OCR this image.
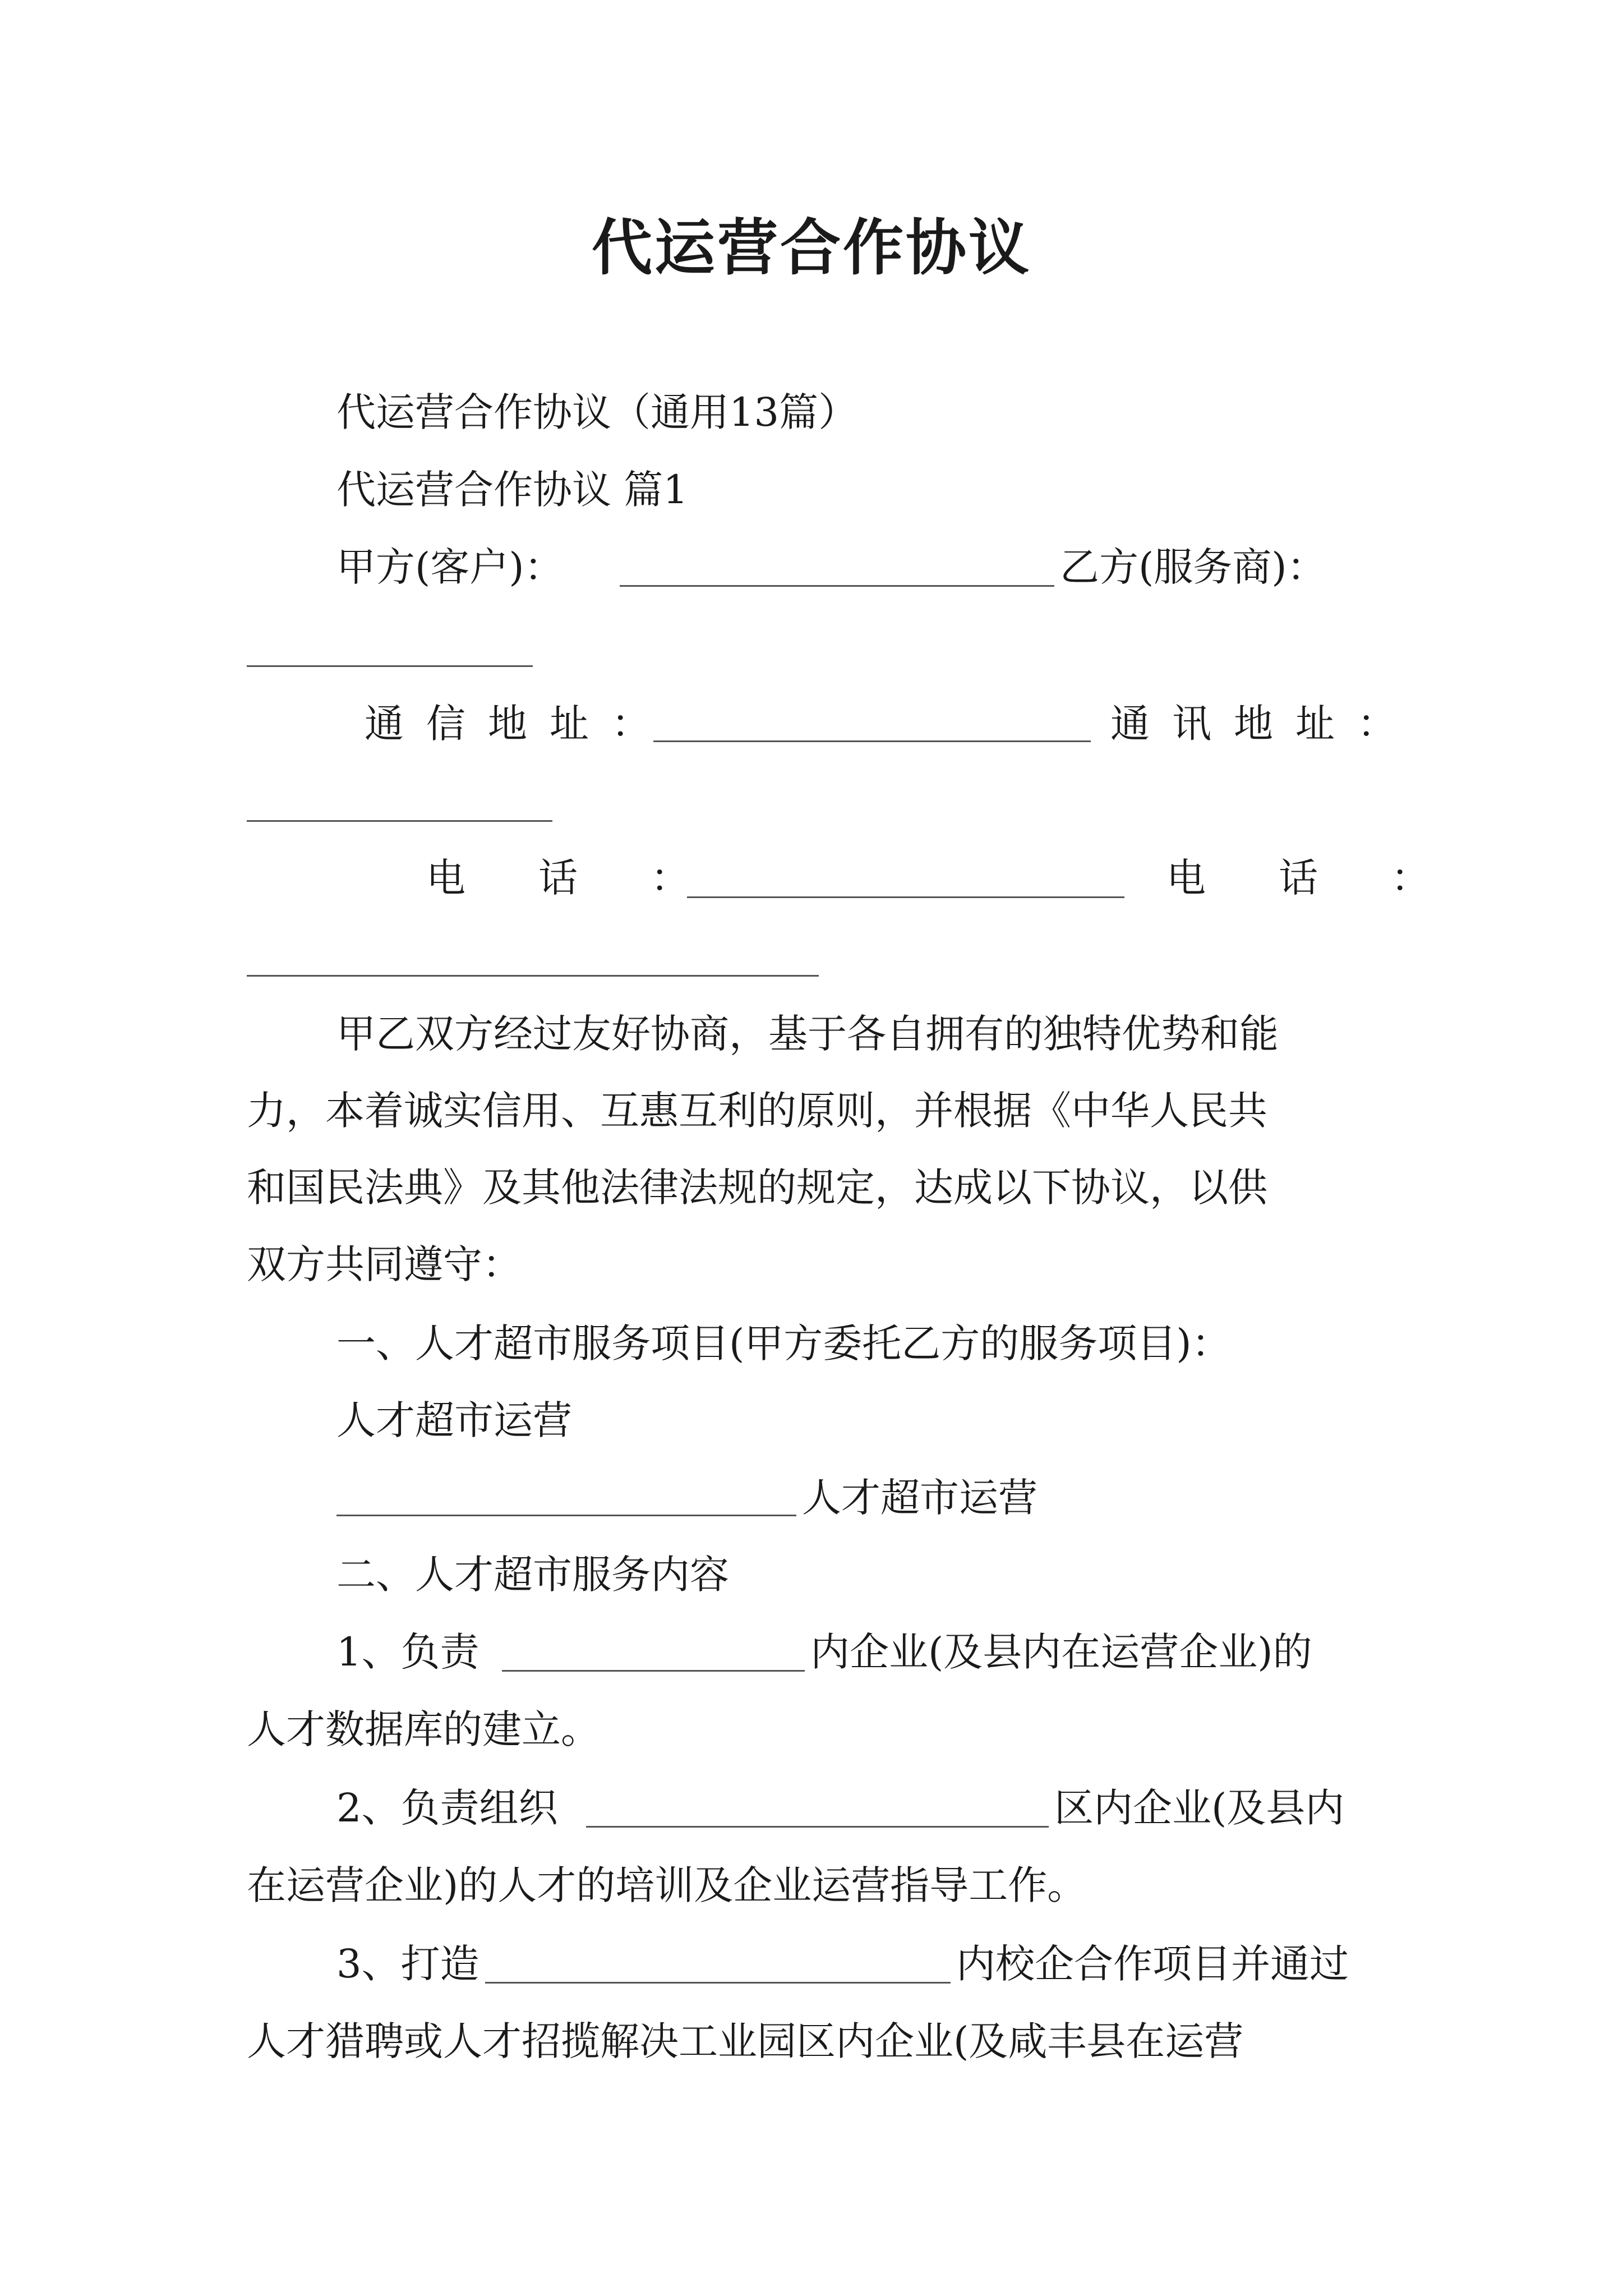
代运营合作协议
代运营合作协议（通用13篇）
代运营合作协议 篇1
甲方(客户)：	乙方(服务商)：
通信地址：	通讯地址：
电话：	电话：
甲乙双方经过友好协商，基于各自拥有的独特优势和能
力，本着诚实信用、互惠互利的原则，并根据《中华人民共
和国民法典》及其他法律法规的规定，达成以下协议，以供
双方共同遵守：
一、人才超市服务项目(甲方委托乙方的服务项目)：
人才超市运营
人才超市运营
二、人才超市服务内容
1、负责	内企业(及县内在运营企业)的
人才数据库的建立。
2、负责组织	区内企业(及县内
在运营企业)的人才的培训及企业运营指导工作。
3、打造	内校企合作项目并通过
人才猎聘或人才招揽解决工业园区内企业(及咸丰县在运营
